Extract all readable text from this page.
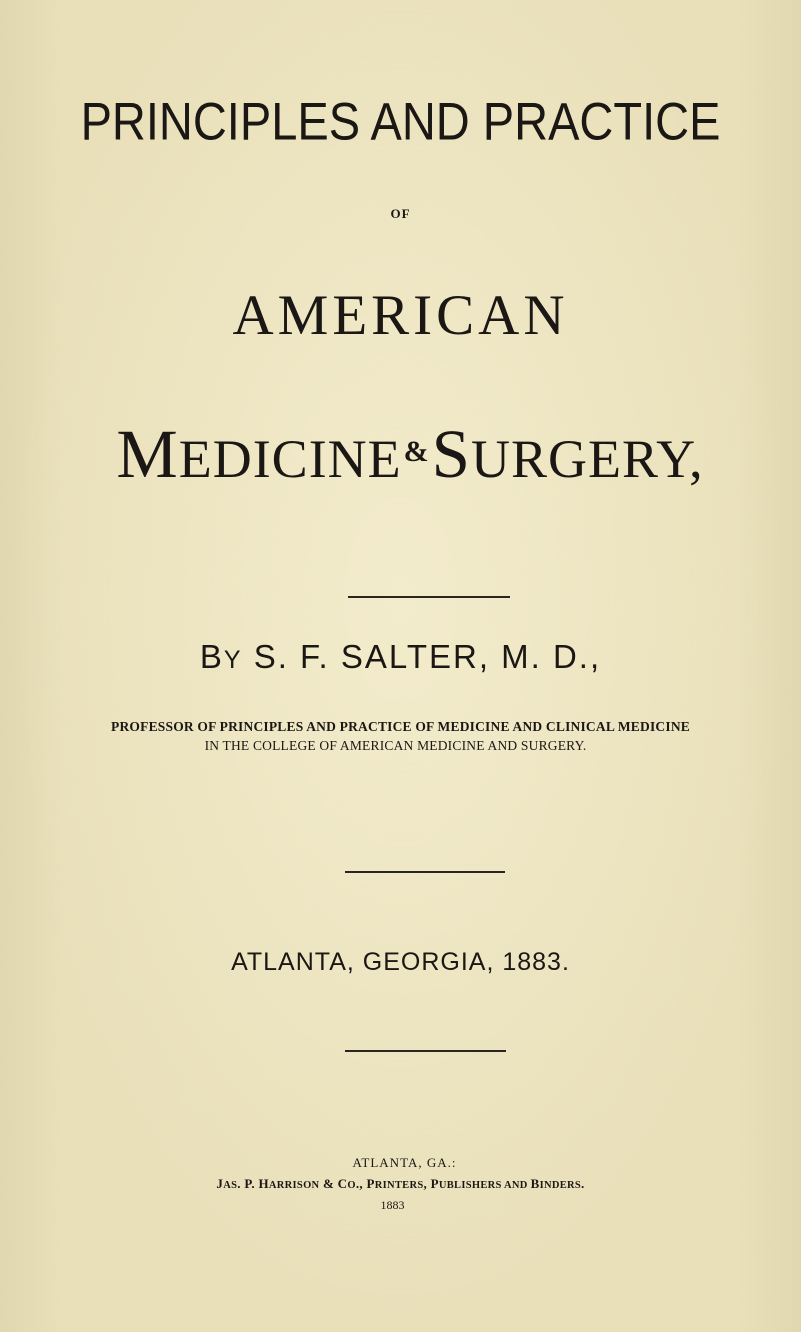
PRINCIPLES AND PRACTICE
OF
AMERICAN
MEDICINE&SURGERY,
BY S. F. SALTER, M. D.,
PROFESSOR OF PRINCIPLES AND PRACTICE OF MEDICINE AND CLINICAL MEDICINE
IN THE COLLEGE OF AMERICAN MEDICINE AND SURGERY.
ATLANTA, GEORGIA, 1883.
ATLANTA, GA.:
JAS. P. HARRISON & CO., PRINTERS, PUBLISHERS AND BINDERS.
1883
